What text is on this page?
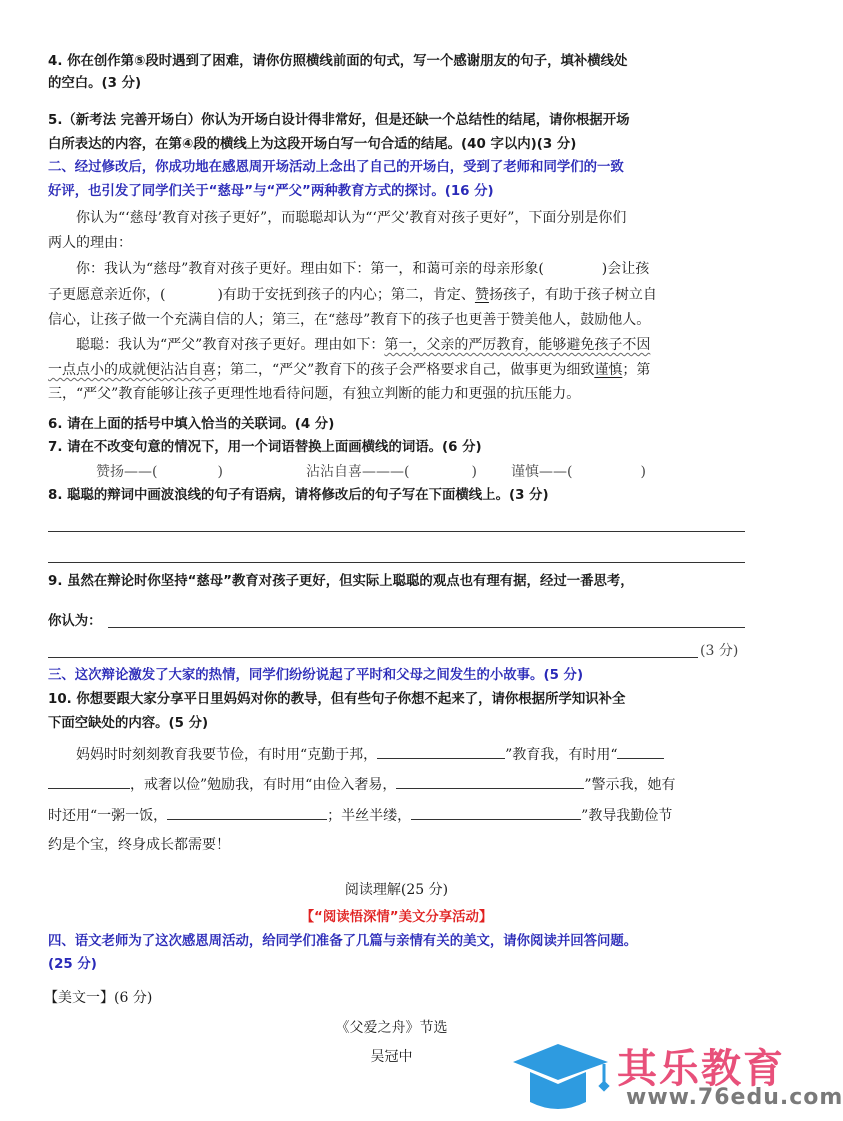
4. 你在创作第⑤段时遇到了困难，请你仿照横线前面的句式，写一个感谢朋友的句子，填补横线处
的空白。(3 分)
5.（新考法 完善开场白）你认为开场白设计得非常好，但是还缺一个总结性的结尾，请你根据开场
白所表达的内容，在第④段的横线上为这段开场白写一句合适的结尾。(40 字以内)(3 分)
二、经过修改后，你成功地在感恩周开场活动上念出了自己的开场白，受到了老师和同学们的一致
好评，也引发了同学们关于“慈母”与“严父”两种教育方式的探讨。(16 分)
你认为“‘慈母’教育对孩子更好”，而聪聪却认为“‘严父’教育对孩子更好”，下面分别是你们
两人的理由：
你：我认为“慈母”教育对孩子更好。理由如下：第一，和蔼可亲的母亲形象(	)会让孩
子更愿意亲近你，(	)有助于安抚到孩子的内心；第二，肯定、赞扬孩子，有助于孩子树立自
信心，让孩子做一个充满自信的人；第三，在“慈母”教育下的孩子也更善于赞美他人，鼓励他人。
聪聪：我认为“严父”教育对孩子更好。理由如下：第一，父亲的严厉教育，能够避免孩子不因
一点点小的成就便沾沾自喜；第二，“严父”教育下的孩子会严格要求自己，做事更为细致谨慎；第
三，“严父”教育能够让孩子更理性地看待问题，有独立判断的能力和更强的抗压能力。
6. 请在上面的括号中填入恰当的关联词。(4 分)
7. 请在不改变句意的情况下，用一个词语替换上面画横线的词语。(6 分)
赞扬——(	)	沾沾自喜———(	) 谨慎——(	)
8. 聪聪的辩词中画波浪线的句子有语病，请将修改后的句子写在下面横线上。(3 分)
9. 虽然在辩论时你坚持“慈母”教育对孩子更好，但实际上聪聪的观点也有理有据，经过一番思考，
你认为：
(3 分)
三、这次辩论激发了大家的热情，同学们纷纷说起了平时和父母之间发生的小故事。(5 分)
10. 你想要跟大家分享平日里妈妈对你的教导，但有些句子你想不起来了，请你根据所学知识补全
下面空缺处的内容。(5 分)
妈妈时时刻刻教育我要节俭，有时用“克勤于邦，	”教育我，有时用“
，戒奢以俭”勉励我，有时用“由俭入奢易，	”警示我，她有
时还用“一粥一饭，	；半丝半缕，	”教导我勤俭节
约是个宝，终身成长都需要！
阅读理解(25 分)
【“阅读悟深情”美文分享活动】
四、语文老师为了这次感恩周活动，给同学们准备了几篇与亲情有关的美文，请你阅读并回答问题。
(25 分)
【美文一】(6 分)
《父爱之舟》节选
吴冠中	其乐教育
www.76edu.com
